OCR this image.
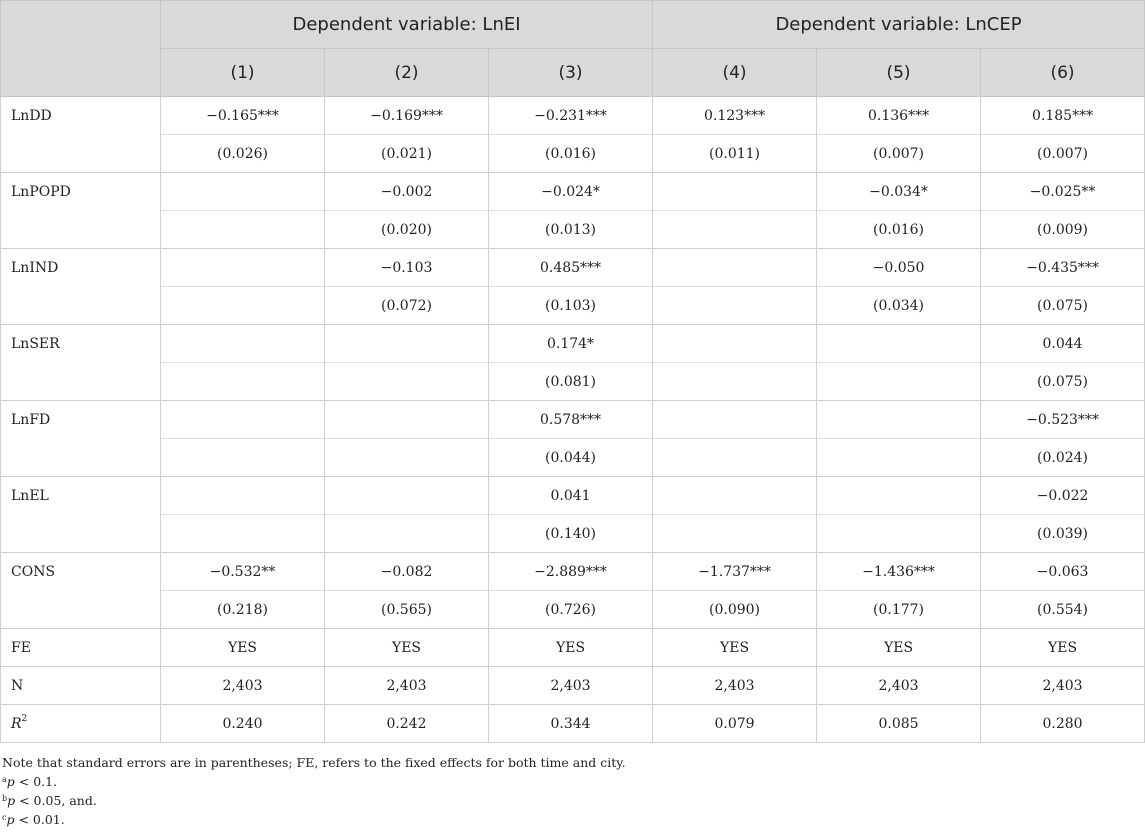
	Dependent variable: LnEI			Dependent variable: LnCEP		
	(1)	(2)	(3)	(4)	(5)	(6)
LnDD	−0.165***	−0.169***	−0.231***	0.123***	0.136***	0.185***
	(0.026)	(0.021)	(0.016)	(0.011)	(0.007)	(0.007)
LnPOPD		−0.002	−0.024*		−0.034*	−0.025**
		(0.020)	(0.013)		(0.016)	(0.009)
LnIND		−0.103	0.485***		−0.050	−0.435***
		(0.072)	(0.103)		(0.034)	(0.075)
LnSER			0.174*			0.044
			(0.081)			(0.075)
LnFD			0.578***			−0.523***
			(0.044)			(0.024)
LnEL			0.041			−0.022
			(0.140)			(0.039)
CONS	−0.532**	−0.082	−2.889***	−1.737***	−1.436***	−0.063
	(0.218)	(0.565)	(0.726)	(0.090)	(0.177)	(0.554)
FE	YES	YES	YES	YES	YES	YES
N	2,403	2,403	2,403	2,403	2,403	2,403
$R^2$	0.240	0.242	0.344	0.079	0.085	0.280
Note that standard errors are in parentheses; FE, refers to the fixed effects for both time and city.
$^a$p < 0.1.
$^b$p < 0.05, and.
$^c$p < 0.01.
